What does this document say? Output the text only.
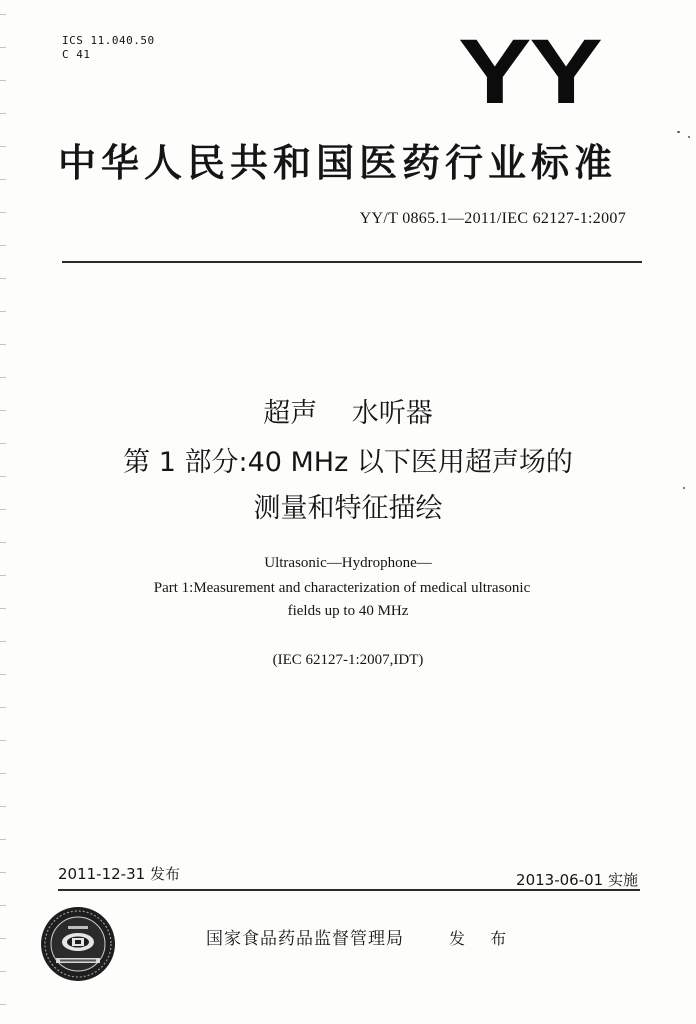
ICS 11.040.50
C 41	YY
中华人民共和国医药行业标准
YY/T 0865.1—2011/IEC 62127-1:2007
超声 水听器
第 1 部分:40 MHz 以下医用超声场的
测量和特征描绘
Ultrasonic—Hydrophone—
Part 1:Measurement and characterization of medical ultrasonic
fields up to 40 MHz
(IEC 62127-1:2007,IDT)
2011-12-31 发布	2013-06-01 实施
国家食品药品监督管理局	发 布
